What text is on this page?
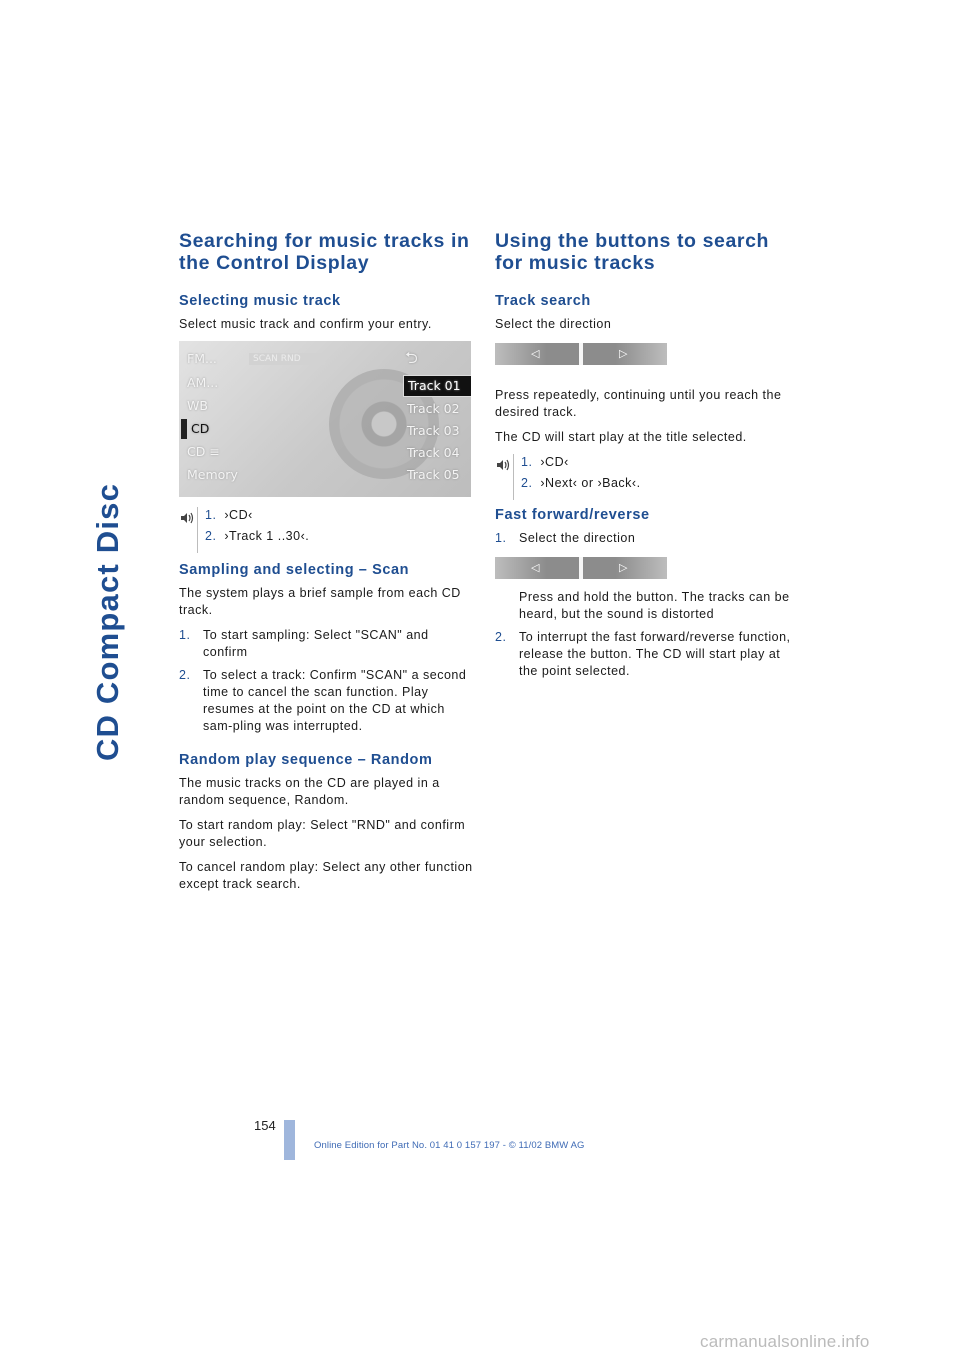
CD Compact Disc
Searching for music tracks in the Control Display
Selecting music track

Select music track and confirm your entry.

FM...
AM...
WB
CD
CD ≡
Memory
SCAN RND	⮌
Track 01
Track 02
Track 03
Track 04
Track 05

1. ›CD‹

2. ›Track 1 ..30‹.

Sampling and selecting – Scan

The system plays a brief sample from each CD track.

1. To start sampling: Select "SCAN" and confirm
2. To select a track: Confirm "SCAN" a second time to cancel the scan function. Play resumes at the point on the CD at which sam-pling was interrupted.
Random play sequence – Random

The music tracks on the CD are played in a random sequence, Random.

To start random play: Select "RND" and confirm your selection.

To cancel random play: Select any other function except track search.

Using the buttons to search for music tracks
Track search

Select the direction

◁	▷

Press repeatedly, continuing until you reach the desired track.

The CD will start play at the title selected.

1. ›CD‹

2. ›Next‹ or ›Back‹.

Fast forward/reverse
1. Select the direction
◁	▷
Press and hold the button. The tracks can be heard, but the sound is distorted
2. To interrupt the fast forward/reverse function, release the button. The CD will start play at the point selected.
154
Online Edition for Part No. 01 41 0 157 197 - © 11/02 BMW AG
carmanualsonline.info
